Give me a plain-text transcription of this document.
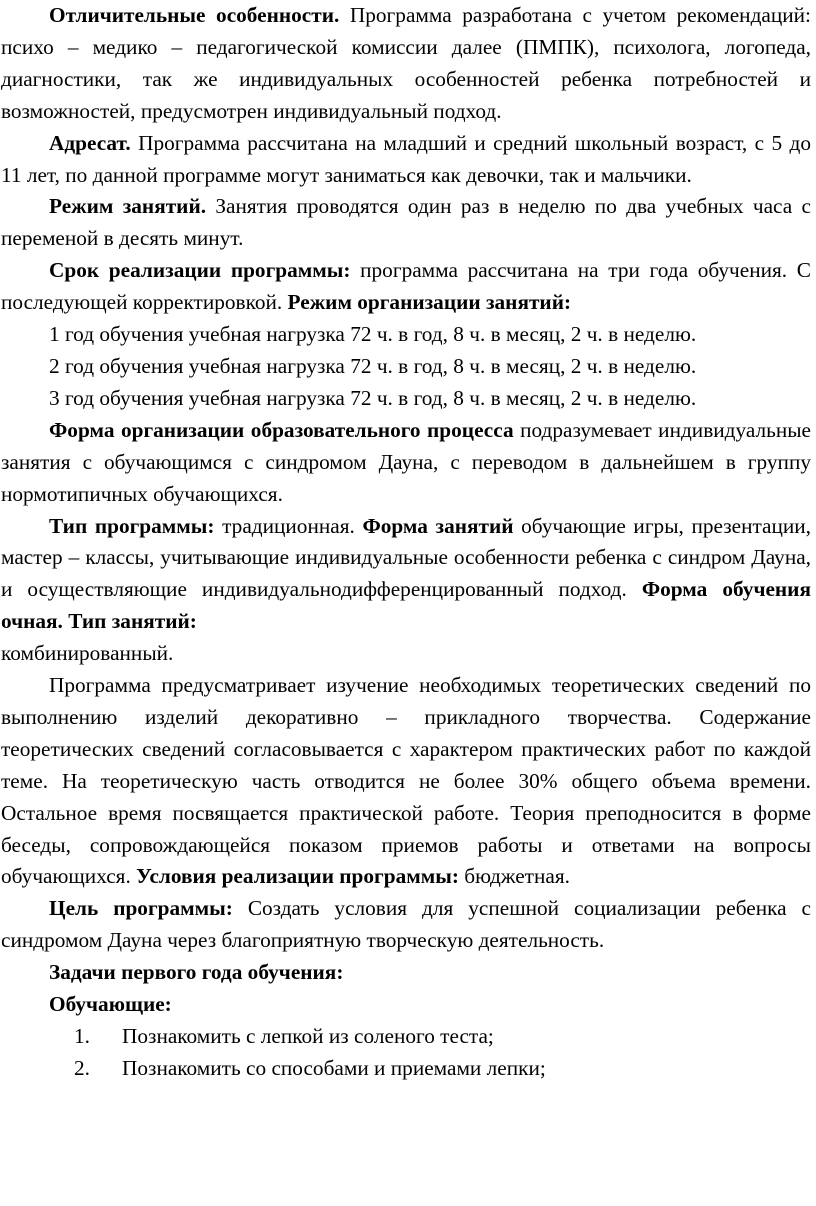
Отличительные особенности. Программа разработана с учетом рекомендаций: психо – медико – педагогической комиссии далее (ПМПК), психолога, логопеда, диагностики, так же индивидуальных особенностей ребенка потребностей и возможностей, предусмотрен индивидуальный подход.

Адресат. Программа рассчитана на младший и средний школьный возраст, с 5 до 11 лет, по данной программе могут заниматься как девочки, так и мальчики.

Режим занятий. Занятия проводятся один раз в неделю по два учебных часа с переменой в десять минут.

Срок реализации программы: программа рассчитана на три года обучения. С последующей корректировкой. Режим организации занятий:

1 год обучения учебная нагрузка 72 ч. в год, 8 ч. в месяц, 2 ч. в неделю.
2 год обучения учебная нагрузка 72 ч. в год, 8 ч. в месяц, 2 ч. в неделю.
3 год обучения учебная нагрузка 72 ч. в год, 8 ч. в месяц, 2 ч. в неделю.

Форма организации образовательного процесса подразумевает индивидуальные занятия с обучающимся с синдромом Дауна, с переводом в дальнейшем в группу нормотипичных обучающихся.

Тип программы: традиционная. Форма занятий обучающие игры, презентации, мастер – классы, учитывающие индивидуальные особенности ребенка с синдром Дауна, и осуществляющие индивидуальнодифференцированный подход. Форма обучения очная. Тип занятий:

комбинированный.

Программа предусматривает изучение необходимых теоретических сведений по выполнению изделий декоративно – прикладного творчества. Содержание теоретических сведений согласовывается с характером практических работ по каждой теме. На теоретическую часть отводится не более 30% общего объема времени. Остальное время посвящается практической работе. Теория преподносится в форме беседы, сопровождающейся показом приемов работы и ответами на вопросы обучающихся. Условия реализации программы: бюджетная.

Цель программы: Создать условия для успешной социализации ребенка с синдромом Дауна через благоприятную творческую деятельность.

Задачи первого года обучения:
Обучающие:
1. Познакомить с лепкой из соленого теста;
2. Познакомить со способами и приемами лепки;
